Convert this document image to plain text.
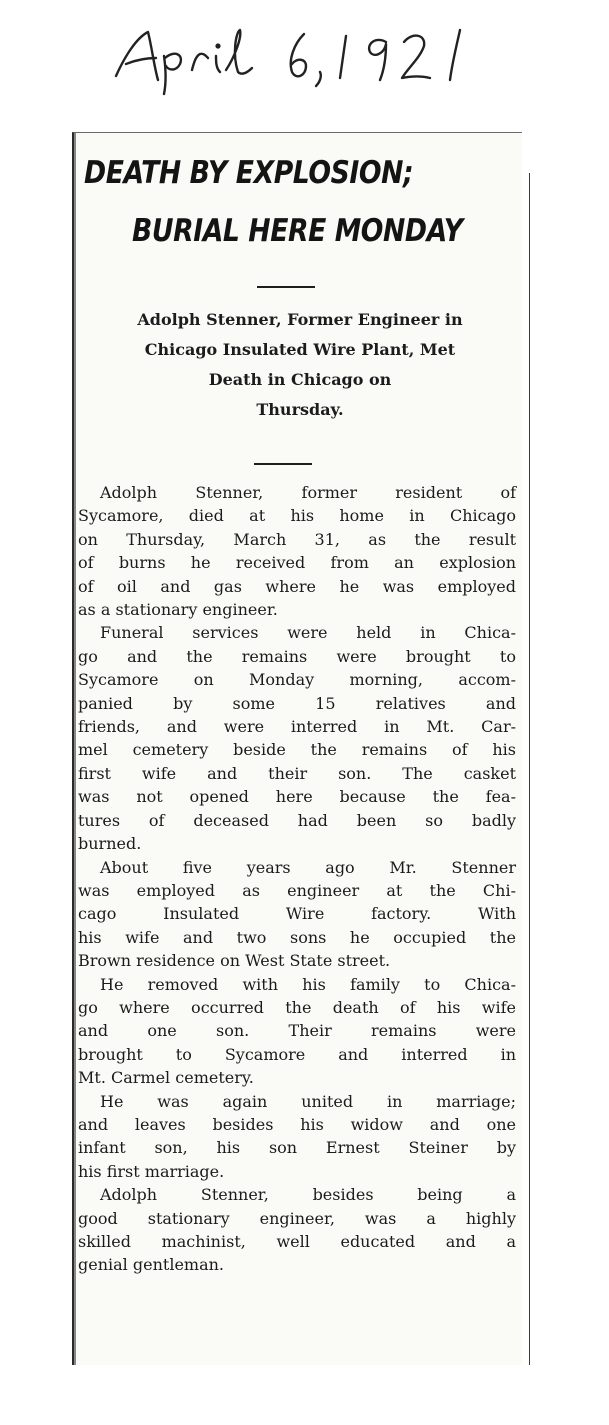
DEATH BY EXPLOSION;
BURIAL HERE MONDAY
Adolph Stenner, Former Engineer in
Chicago Insulated Wire Plant, Met
Death in Chicago on
Thursday.

Adolph Stenner, former resident of
Sycamore, died at his home in Chicago
on Thursday, March 31, as the result
of burns he received from an explosion
of oil and gas where he was employed
as a stationary engineer.

Funeral services were held in Chica-
go and the remains were brought to
Sycamore on Monday morning, accom-
panied by some 15 relatives and
friends, and were interred in Mt. Car-
mel cemetery beside the remains of his
first wife and their son. The casket
was not opened here because the fea-
tures of deceased had been so badly
burned.

About five years ago Mr. Stenner
was employed as engineer at the Chi-
cago Insulated Wire factory. With
his wife and two sons he occupied the
Brown residence on West State street.

He removed with his family to Chica-
go where occurred the death of his wife
and one son. Their remains were
brought to Sycamore and interred in
Mt. Carmel cemetery.

He was again united in marriage;
and leaves besides his widow and one
infant son, his son Ernest Steiner by
his first marriage.

Adolph Stenner, besides being a
good stationary engineer, was a highly
skilled machinist, well educated and a
genial gentleman.
